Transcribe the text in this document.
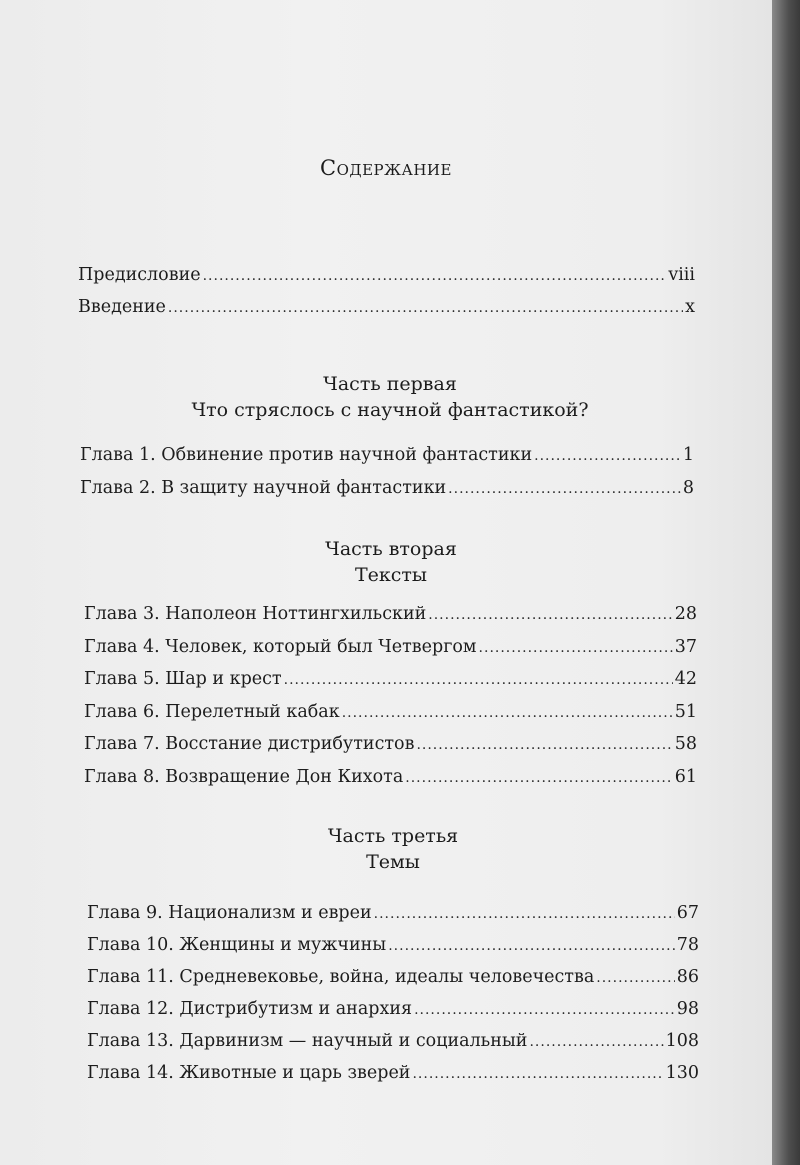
Содержание
Предисловие .....	viii
Введение .....	x
Часть первая
Что стряслось с научной фантастикой?
Глава 1. Обвинение против научной фантастики .....	1
Глава 2. В защиту научной фантастики .....	8
Часть вторая
Тексты
Глава 3. Наполеон Ноттингхильский .....	28
Глава 4. Человек, который был Четвергом .....	37
Глава 5. Шар и крест .....	42
Глава 6. Перелетный кабак .....	51
Глава 7. Восстание дистрибутистов .....	58
Глава 8. Возвращение Дон Кихота .....	61
Часть третья
Темы
Глава 9. Национализм и евреи .....	67
Глава 10. Женщины и мужчины .....	78
Глава 11. Средневековье, война, идеалы человечества .....	86
Глава 12. Дистрибутизм и анархия .....	98
Глава 13. Дарвинизм — научный и социальный .....	108
Глава 14. Животные и царь зверей .....	130
